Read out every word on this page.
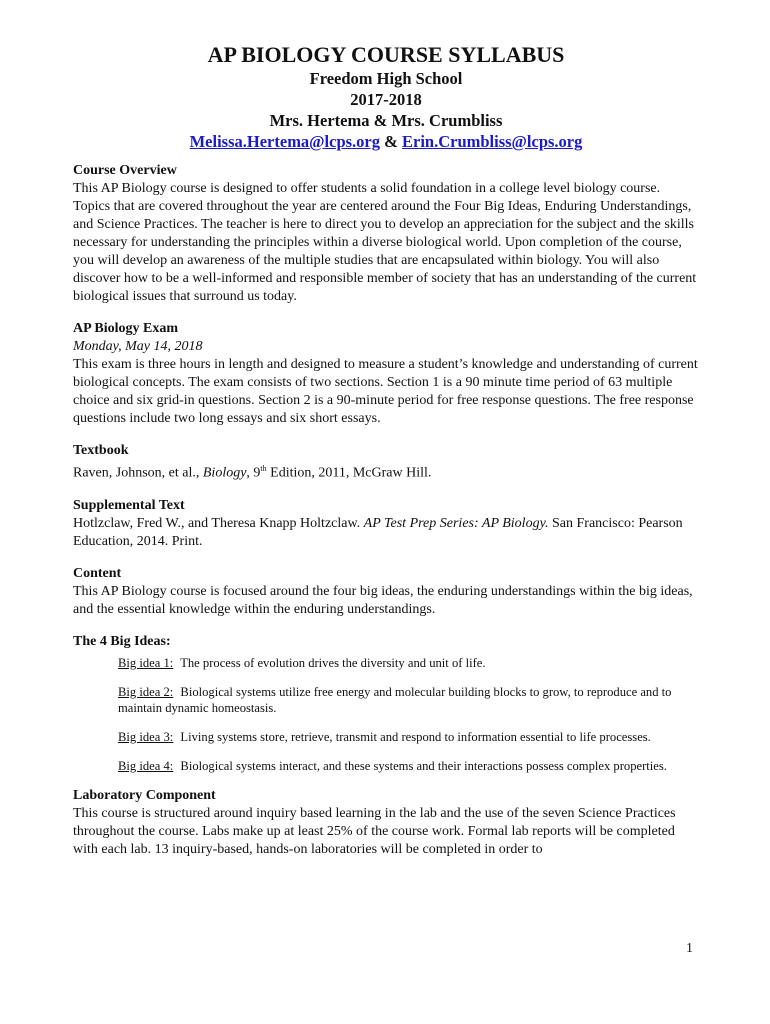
AP BIOLOGY COURSE SYLLABUS

Freedom High School

2017-2018

Mrs. Hertema & Mrs. Crumbliss

Melissa.Hertema@lcps.org & Erin.Crumbliss@lcps.org

Course Overview

This AP Biology course is designed to offer students a solid foundation in a college level biology course. Topics that are covered throughout the year are centered around the Four Big Ideas, Enduring Understandings, and Science Practices. The teacher is here to direct you to develop an appreciation for the subject and the skills necessary for understanding the principles within a diverse biological world. Upon completion of the course, you will develop an awareness of the multiple studies that are encapsulated within biology. You will also discover how to be a well-informed and responsible member of society that has an understanding of the current biological issues that surround us today.

AP Biology Exam

Monday, May 14, 2018

This exam is three hours in length and designed to measure a student’s knowledge and understanding of current biological concepts. The exam consists of two sections. Section 1 is a 90 minute time period of 63 multiple choice and six grid-in questions. Section 2 is a 90-minute period for free response questions. The free response questions include two long essays and six short essays.

Textbook

Raven, Johnson, et al., Biology, 9th Edition, 2011, McGraw Hill.

Supplemental Text

Hotlzclaw, Fred W., and Theresa Knapp Holtzclaw. AP Test Prep Series: AP Biology. San Francisco: Pearson Education, 2014. Print.

Content

This AP Biology course is focused around the four big ideas, the enduring understandings within the big ideas, and the essential knowledge within the enduring understandings.

The 4 Big Ideas:

Big idea 1: The process of evolution drives the diversity and unit of life.

Big idea 2: Biological systems utilize free energy and molecular building blocks to grow, to reproduce and to maintain dynamic homeostasis.

Big idea 3: Living systems store, retrieve, transmit and respond to information essential to life processes.

Big idea 4: Biological systems interact, and these systems and their interactions possess complex properties.

Laboratory Component

This course is structured around inquiry based learning in the lab and the use of the seven Science Practices throughout the course. Labs make up at least 25% of the course work. Formal lab reports will be completed with each lab. 13 inquiry-based, hands-on laboratories will be completed in order to

1
